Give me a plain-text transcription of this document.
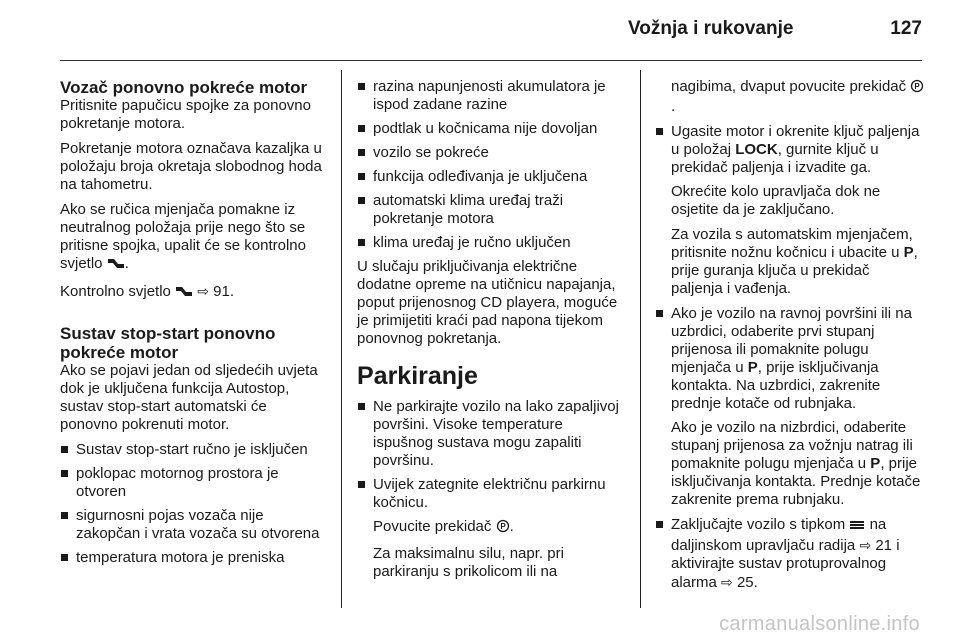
Vožnja i rukovanje	127
Vozač ponovno pokreće motor

Pritisnite papučicu spojke za ponovno pokretanje motora.

Pokretanje motora označava kazaljka u položaju broja okretaja slobodnog hoda na tahometru.

Ako se ručica mjenjača pomakne iz neutralnog položaja prije nego što se pritisne spojka, upalit će se kontrolno svjetlo .

Kontrolno svjetlo ⇨ 91.

Sustav stop-start ponovno pokreće motor

Ako se pojavi jedan od sljedećih uvjeta dok je uključena funkcija Autostop, sustav stop-start automatski će ponovno pokrenuti motor.

Sustav stop-start ručno je isključen
poklopac motornog prostora je otvoren
sigurnosni pojas vozača nije zakopčan i vrata vozača su otvorena
temperatura motora je preniska
razina napunjenosti akumulatora je ispod zadane razine
podtlak u kočnicama nije dovoljan
vozilo se pokreće
funkcija odleđivanja je uključena
automatski klima uređaj traži pokretanje motora
klima uređaj je ručno uključen

U slučaju priključivanja električne dodatne opreme na utičnicu napajanja, poput prijenosnog CD playera, moguće je primijetiti kraći pad napona tijekom ponovnog pokretanja.

Parkiranje
Ne parkirajte vozilo na lako zapaljivoj površini. Visoke temperature ispušnog sustava mogu zapaliti površinu.
Uvijek zategnite električnu parkirnu kočnicu.

Povucite prekidač P .

Za maksimalnu silu, napr. pri parkiranju s prikolicom ili na

nagibima, dvaput povucite prekidač P
.

Ugasite motor i okrenite ključ paljenja u položaj LOCK, gurnite ključ u prekidač paljenja i izvadite ga.

Okrećite kolo upravljača dok ne osjetite da je zaključano.

Za vozila s automatskim mjenjačem, pritisnite nožnu kočnicu i ubacite u P, prije guranja ključa u prekidač paljenja i vađenja.

Ako je vozilo na ravnoj površini ili na uzbrdici, odaberite prvi stupanj prijenosa ili pomaknite polugu mjenjača u P, prije isključivanja kontakta. Na uzbrdici, zakrenite prednje kotače od rubnjaka.

Ako je vozilo na nizbrdici, odaberite stupanj prijenosa za vožnju natrag ili pomaknite polugu mjenjača u P, prije isključivanja kontakta. Prednje kotače zakrenite prema rubnjaku.

Zaključajte vozilo s tipkom na daljinskom upravljaču radija ⇨ 21 i aktivirajte sustav protuprovalnog alarma ⇨ 25.
carmanualsonline.info
